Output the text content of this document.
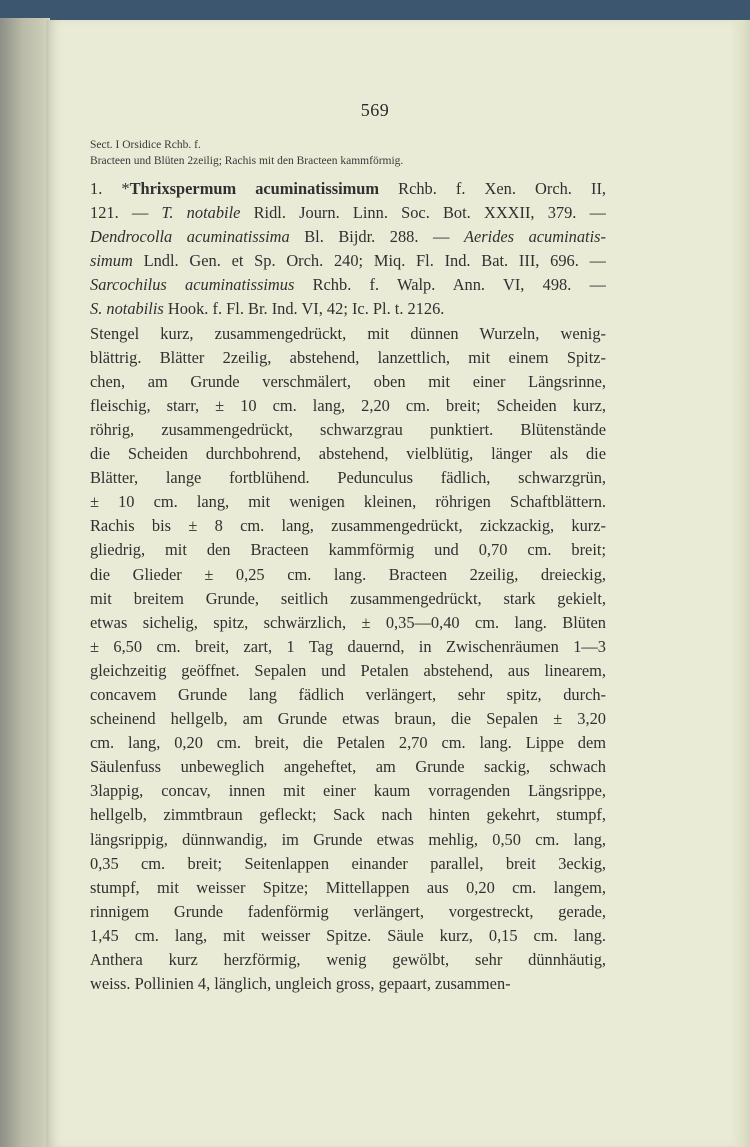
569
Sect. I Orsidice Rchb. f.
Bracteen und Blüten 2zeilig; Rachis mit den Bracteen kammförmig.
1. *Thrixspermum acuminatissimum Rchb. f. Xen. Orch. II,
121. — T. notabile Ridl. Journ. Linn. Soc. Bot. XXXII, 379. —
Dendrocolla acuminatissima Bl. Bijdr. 288. — Aerides acuminatis-
simum Lndl. Gen. et Sp. Orch. 240; Miq. Fl. Ind. Bat. III, 696. —
Sarcochilus acuminatissimus Rchb. f. Walp. Ann. VI, 498. —
S. notabilis Hook. f. Fl. Br. Ind. VI, 42; Ic. Pl. t. 2126.
Stengel kurz, zusammengedrückt, mit dünnen Wurzeln, wenig-
blättrig. Blätter 2zeilig, abstehend, lanzettlich, mit einem Spitz-
chen, am Grunde verschmälert, oben mit einer Längsrinne,
fleischig, starr, ± 10 cm. lang, 2,20 cm. breit; Scheiden kurz,
röhrig, zusammengedrückt, schwarzgrau punktiert. Blütenstände
die Scheiden durchbohrend, abstehend, vielblütig, länger als die
Blätter, lange fortblühend. Pedunculus fädlich, schwarzgrün,
± 10 cm. lang, mit wenigen kleinen, röhrigen Schaftblättern.
Rachis bis ± 8 cm. lang, zusammengedrückt, zickzackig, kurz-
gliedrig, mit den Bracteen kammförmig und 0,70 cm. breit;
die Glieder ± 0,25 cm. lang. Bracteen 2zeilig, dreieckig,
mit breitem Grunde, seitlich zusammengedrückt, stark gekielt,
etwas sichelig, spitz, schwärzlich, ± 0,35—0,40 cm. lang. Blüten
± 6,50 cm. breit, zart, 1 Tag dauernd, in Zwischenräumen 1—3
gleichzeitig geöffnet. Sepalen und Petalen abstehend, aus linearem,
concavem Grunde lang fädlich verlängert, sehr spitz, durch-
scheinend hellgelb, am Grunde etwas braun, die Sepalen ± 3,20
cm. lang, 0,20 cm. breit, die Petalen 2,70 cm. lang. Lippe dem
Säulenfuss unbeweglich angeheftet, am Grunde sackig, schwach
3lappig, concav, innen mit einer kaum vorragenden Längsrippe,
hellgelb, zimmtbraun gefleckt; Sack nach hinten gekehrt, stumpf,
längsrippig, dünnwandig, im Grunde etwas mehlig, 0,50 cm. lang,
0,35 cm. breit; Seitenlappen einander parallel, breit 3eckig,
stumpf, mit weisser Spitze; Mittellappen aus 0,20 cm. langem,
rinnigem Grunde fadenförmig verlängert, vorgestreckt, gerade,
1,45 cm. lang, mit weisser Spitze. Säule kurz, 0,15 cm. lang.
Anthera kurz herzförmig, wenig gewölbt, sehr dünnhäutig,
weiss. Pollinien 4, länglich, ungleich gross, gepaart, zusammen-
